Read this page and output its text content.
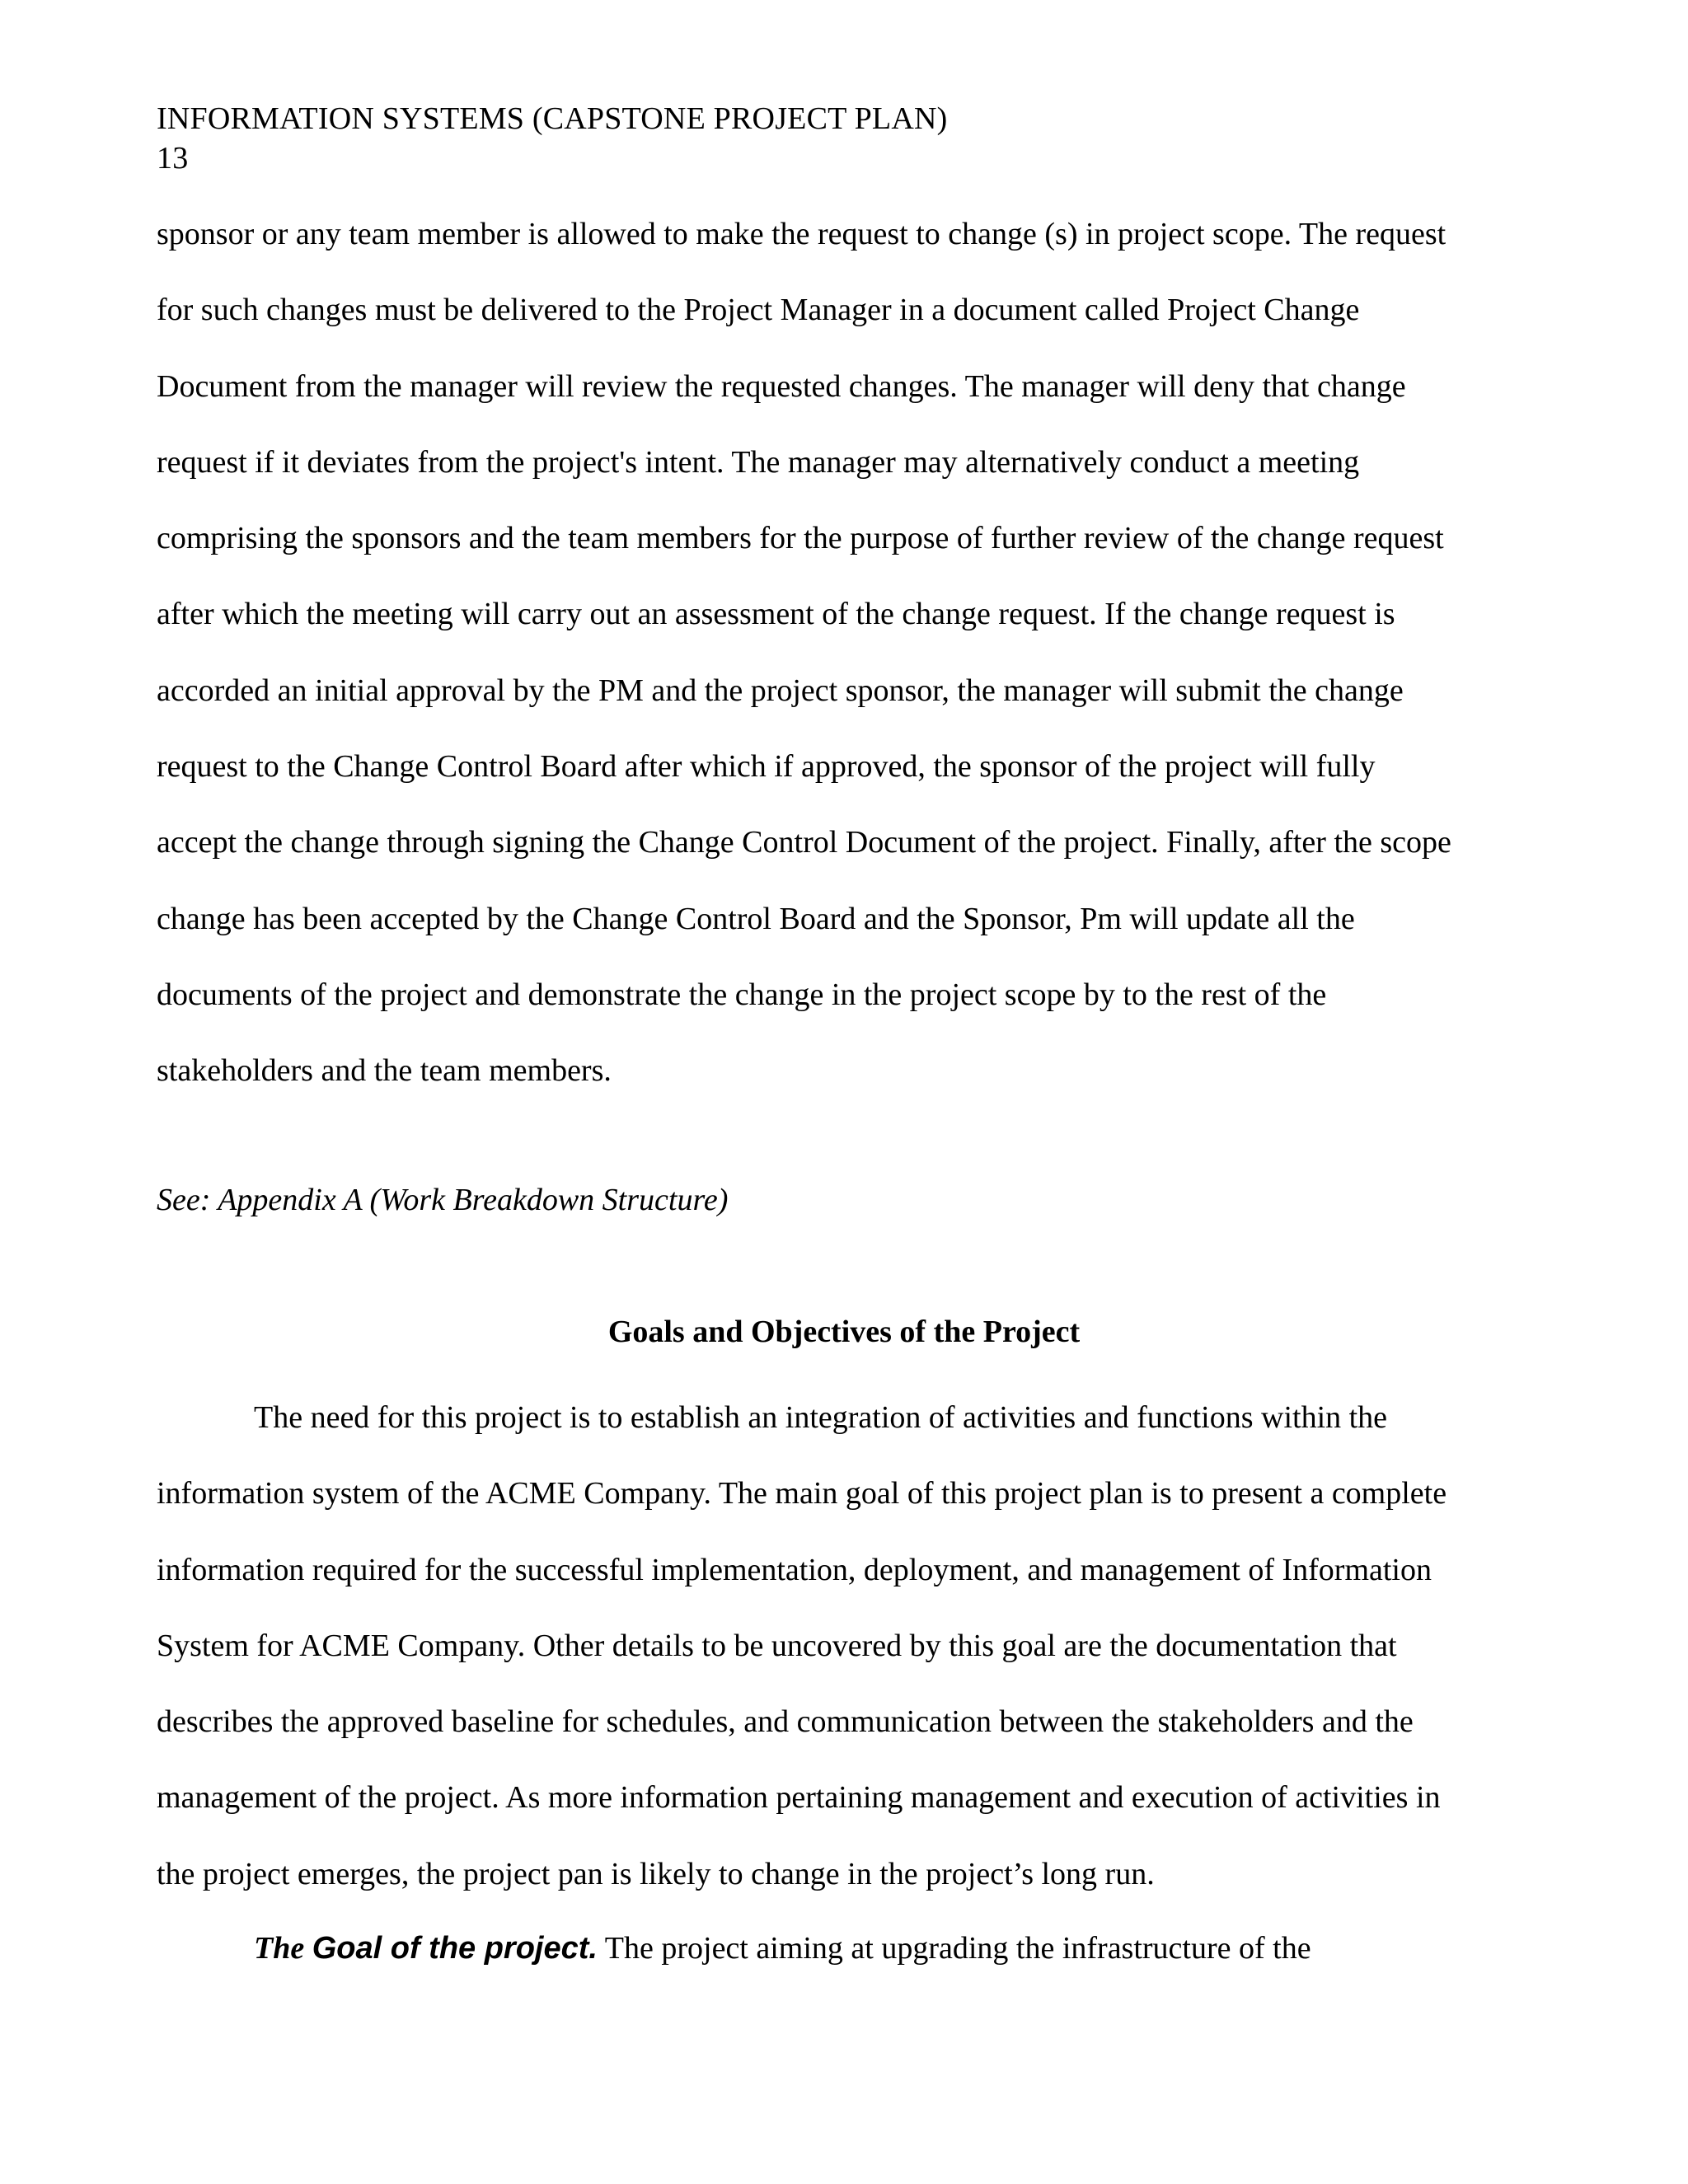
INFORMATION SYSTEMS (CAPSTONE PROJECT PLAN)
13
sponsor or any team member is allowed to make the request to change (s) in project scope. The request
for such changes must be delivered to the Project Manager in a document called Project Change
Document from the manager will review the requested changes. The manager will deny that change
request if it deviates from the project's intent. The manager may alternatively conduct a meeting
comprising the sponsors and the team members for the purpose of further review of the change request
after which the meeting will carry out an assessment of the change request. If the change request is
accorded an initial approval by the PM and the project sponsor, the manager will submit the change
request to the Change Control Board after which if approved, the sponsor of the project will fully
accept the change through signing the Change Control Document of the project. Finally, after the scope
change has been accepted by the Change Control Board and the Sponsor, Pm will update all the
documents of the project and demonstrate the change in the project scope by to the rest of the
stakeholders and the team members.
See: Appendix A (Work Breakdown Structure)
Goals and Objectives of the Project
The need for this project is to establish an integration of activities and functions within the
information system of the ACME Company. The main goal of this project plan is to present a complete
information required for the successful implementation, deployment, and management of Information
System for ACME Company. Other details to be uncovered by this goal are the documentation that
describes the approved baseline for schedules, and communication between the stakeholders and the
management of the project. As more information pertaining management and execution of activities in
the project emerges, the project pan is likely to change in the project’s long run.
The Goal of the project. The project aiming at upgrading the infrastructure of the
